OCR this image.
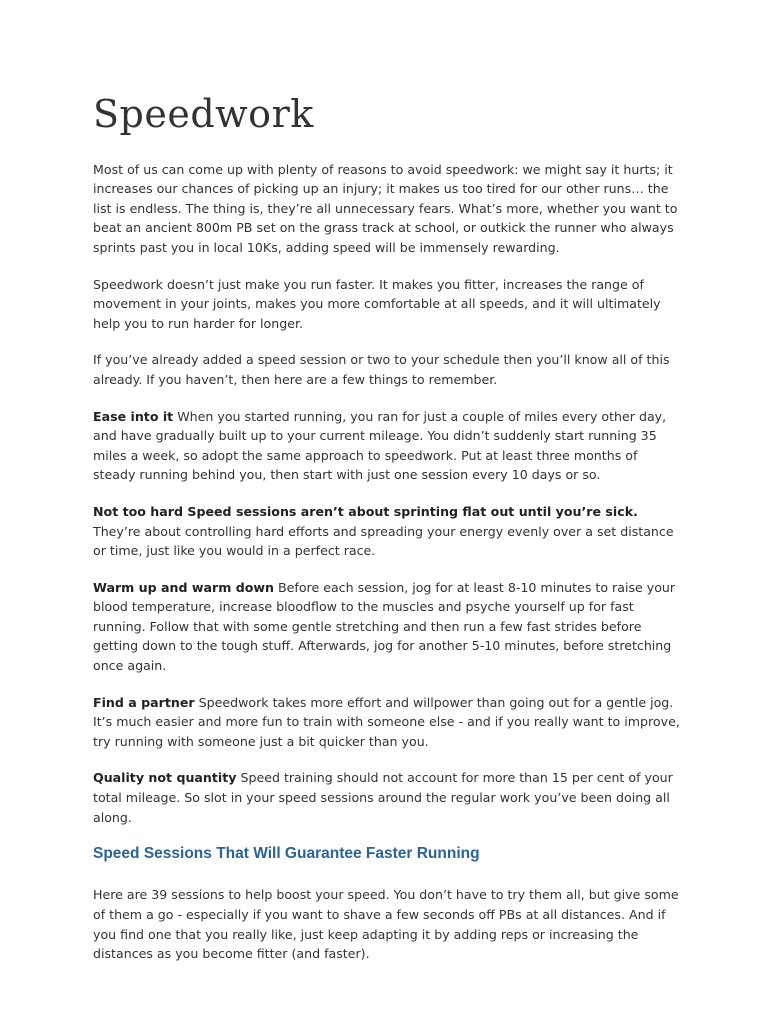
Speedwork

Most of us can come up with plenty of reasons to avoid speedwork: we might say it hurts; it increases our chances of picking up an injury; it makes us too tired for our other runs… the list is endless. The thing is, they’re all unnecessary fears. What’s more, whether you want to beat an ancient 800m PB set on the grass track at school, or outkick the runner who always sprints past you in local 10Ks, adding speed will be immensely rewarding.

Speedwork doesn’t just make you run faster. It makes you fitter, increases the range of movement in your joints, makes you more comfortable at all speeds, and it will ultimately help you to run harder for longer.

If you’ve already added a speed session or two to your schedule then you’ll know all of this already. If you haven’t, then here are a few things to remember.

Ease into it When you started running, you ran for just a couple of miles every other day, and have gradually built up to your current mileage. You didn’t suddenly start running 35 miles a week, so adopt the same approach to speedwork. Put at least three months of steady running behind you, then start with just one session every 10 days or so.

Not too hard Speed sessions aren’t about sprinting flat out until you’re sick. They’re about controlling hard efforts and spreading your energy evenly over a set distance or time, just like you would in a perfect race.

Warm up and warm down Before each session, jog for at least 8-10 minutes to raise your blood temperature, increase bloodflow to the muscles and psyche yourself up for fast running. Follow that with some gentle stretching and then run a few fast strides before getting down to the tough stuff. Afterwards, jog for another 5-10 minutes, before stretching once again.

Find a partner Speedwork takes more effort and willpower than going out for a gentle jog. It’s much easier and more fun to train with someone else - and if you really want to improve, try running with someone just a bit quicker than you.

Quality not quantity Speed training should not account for more than 15 per cent of your total mileage. So slot in your speed sessions around the regular work you’ve been doing all along.

Speed Sessions That Will Guarantee Faster Running

Here are 39 sessions to help boost your speed. You don’t have to try them all, but give some of them a go - especially if you want to shave a few seconds off PBs at all distances. And if you find one that you really like, just keep adapting it by adding reps or increasing the distances as you become fitter (and faster).
